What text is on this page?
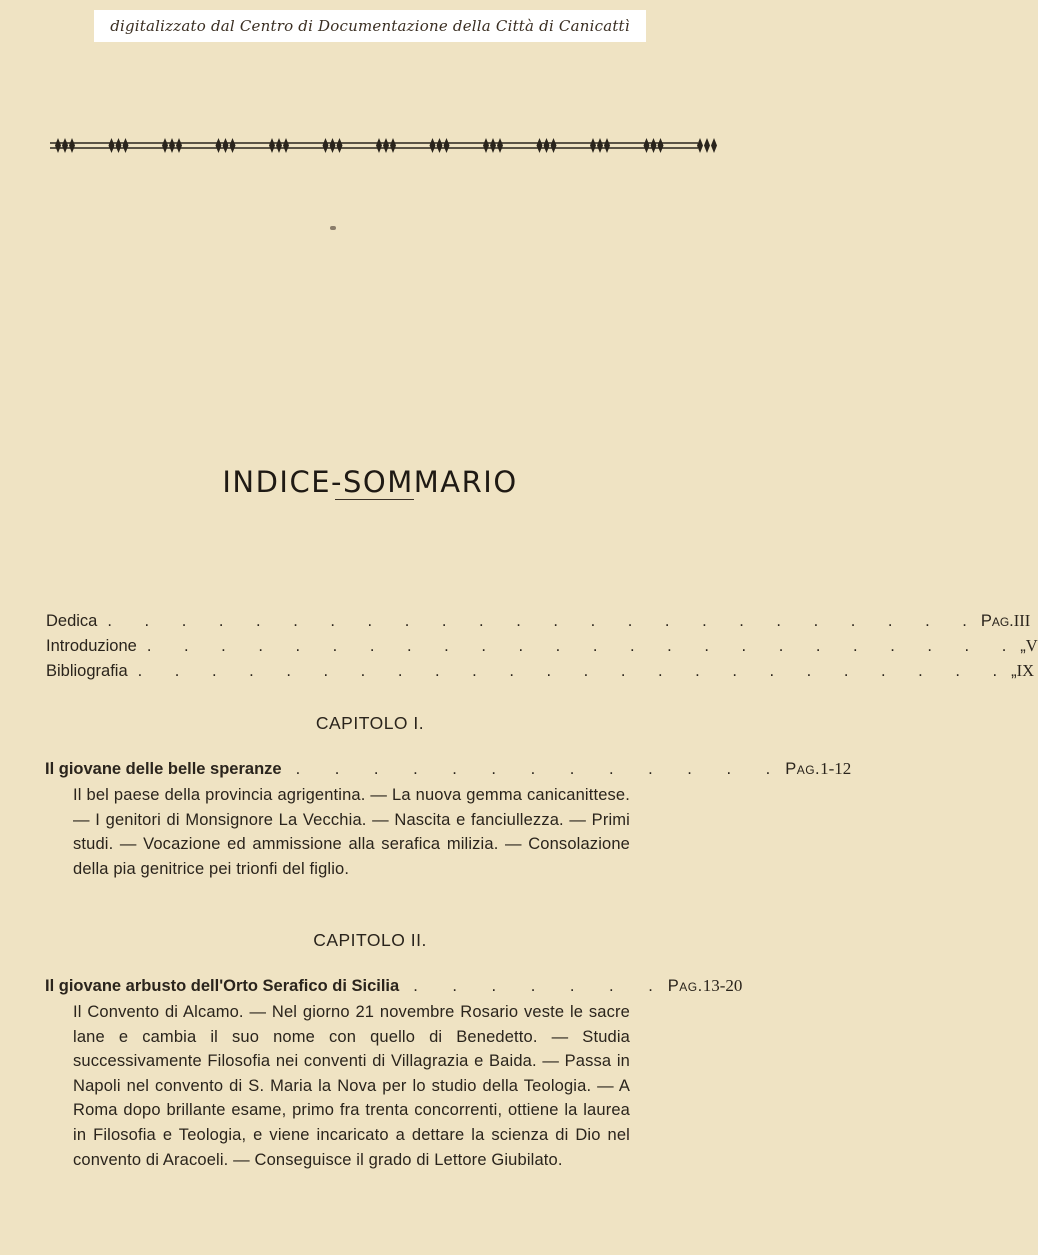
digitalizzato dal Centro di Documentazione della Città di Canicattì
INDICE-SOMMARIO
Dedica . . . . . . . . . . . . . . . . . . . . . . . . Pag. III
Introduzione . . . . . . . . . . . . . . . . . . . . . . . . „ V
Bibliografia . . . . . . . . . . . . . . . . . . . . . . . . „ IX
CAPITOLO I.
Il giovane delle belle speranze . . . . . . . . . . . . . Pag. 1-12

Il bel paese della provincia agrigentina. — La nuova gemma canicanittese. — I genitori di Monsignore La Vecchia. — Nascita e fanciullezza. — Primi studi. — Vocazione ed ammissione alla serafica milizia. — Consolazione della pia genitrice pei trionfi del figlio.

CAPITOLO II.
Il giovane arbusto dell'Orto Serafico di Sicilia . . . . . . . Pag. 13-20

Il Convento di Alcamo. — Nel giorno 21 novembre Rosario veste le sacre lane e cambia il suo nome con quello di Benedetto. — Studia successivamente Filosofia nei conventi di Villagrazia e Baida. — Passa in Napoli nel convento di S. Maria la Nova per lo studio della Teologia. — A Roma dopo brillante esame, primo fra trenta concorrenti, ottiene la laurea in Filosofia e Teologia, e viene incaricato a dettare la scienza di Dio nel convento di Aracoeli. — Conseguisce il grado di Lettore Giubilato.
